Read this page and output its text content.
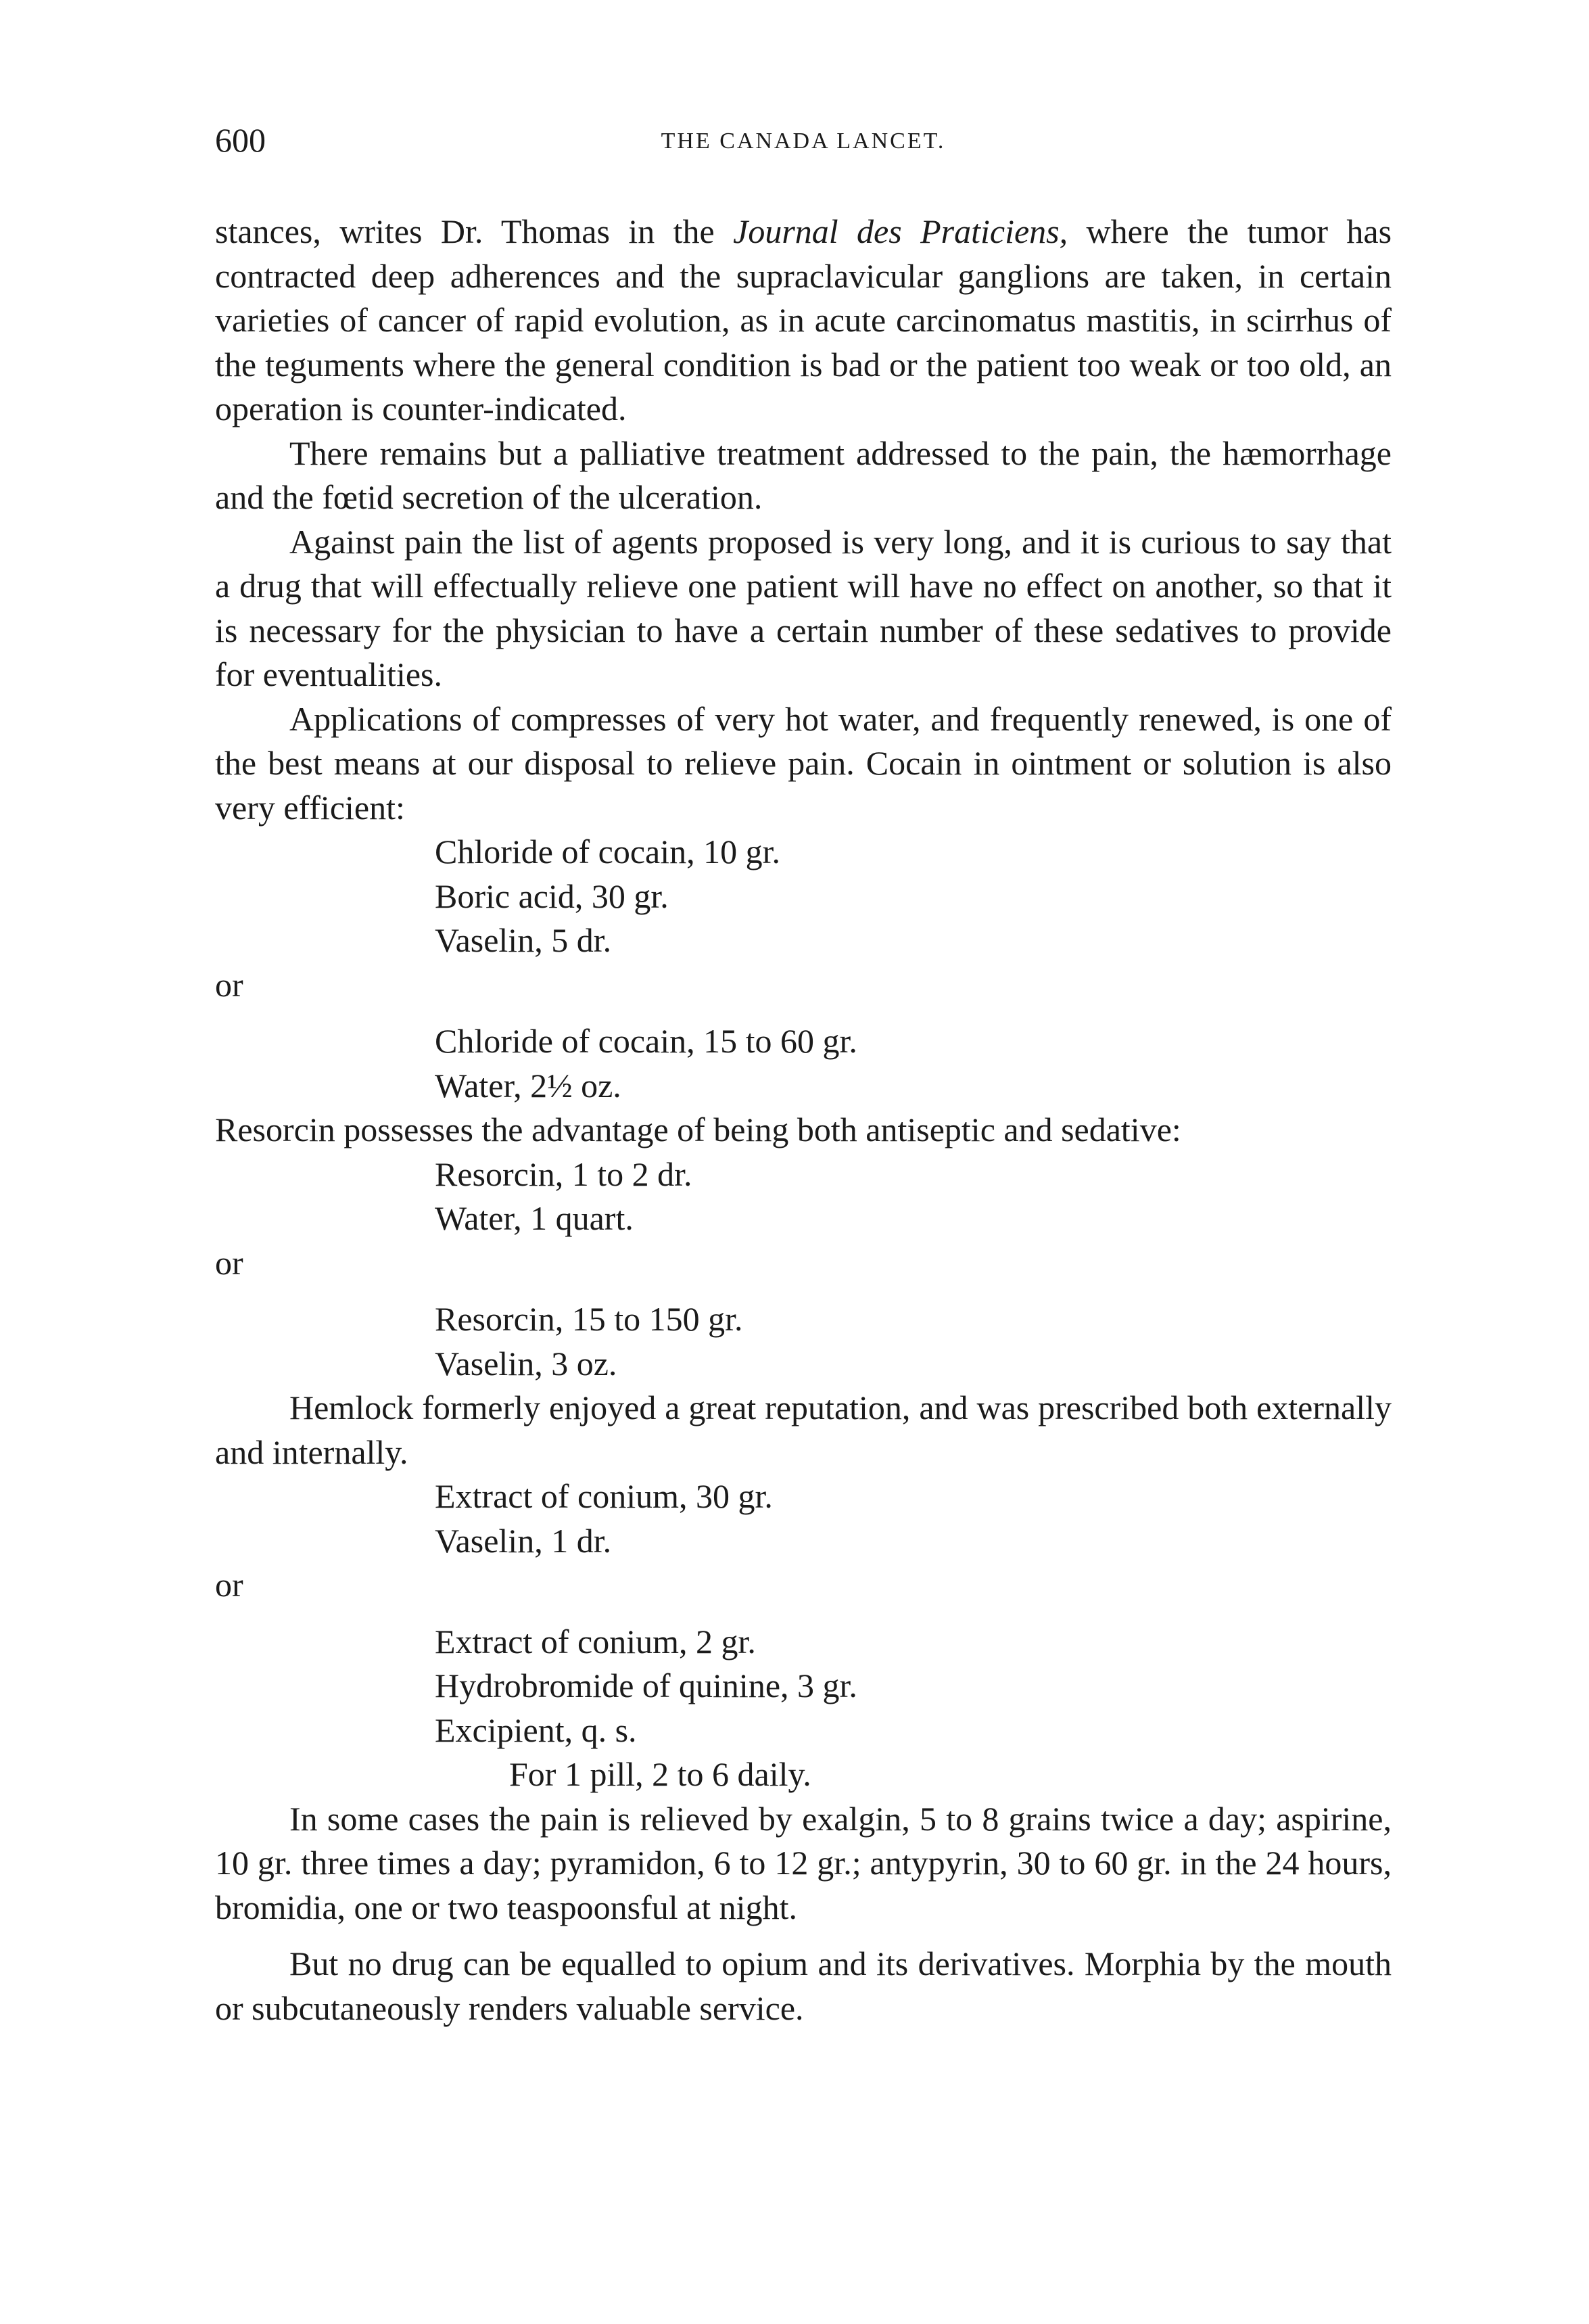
600	THE CANADA LANCET.

stances, writes Dr. Thomas in the Journal des Praticiens, where the tumor has contracted deep adherences and the supraclavicular ganglions are taken, in certain varieties of cancer of rapid evolution, as in acute carcinomatus mastitis, in scirrhus of the teguments where the general condition is bad or the patient too weak or too old, an operation is counter-indicated.

There remains but a palliative treatment addressed to the pain, the hæmorrhage and the fœtid secretion of the ulceration.

Against pain the list of agents proposed is very long, and it is curious to say that a drug that will effectually relieve one patient will have no effect on another, so that it is necessary for the physician to have a certain number of these sedatives to provide for eventualities.

Applications of compresses of very hot water, and frequently renewed, is one of the best means at our disposal to relieve pain. Cocain in ointment or solution is also very efficient:

Chloride of cocain, 10 gr.
Boric acid, 30 gr.
Vaselin, 5 dr.

or

Chloride of cocain, 15 to 60 gr.
Water, 2½ oz.

Resorcin possesses the advantage of being both antiseptic and sedative:

Resorcin, 1 to 2 dr.
Water, 1 quart.

or

Resorcin, 15 to 150 gr.
Vaselin, 3 oz.

Hemlock formerly enjoyed a great reputation, and was prescribed both externally and internally.

Extract of conium, 30 gr.
Vaselin, 1 dr.

or

Extract of conium, 2 gr.
Hydrobromide of quinine, 3 gr.
Excipient, q. s.
For 1 pill, 2 to 6 daily.

In some cases the pain is relieved by exalgin, 5 to 8 grains twice a day; aspirine, 10 gr. three times a day; pyramidon, 6 to 12 gr.; antypyrin, 30 to 60 gr. in the 24 hours, bromidia, one or two teaspoonsful at night.

But no drug can be equalled to opium and its derivatives. Morphia by the mouth or subcutaneously renders valuable service.
